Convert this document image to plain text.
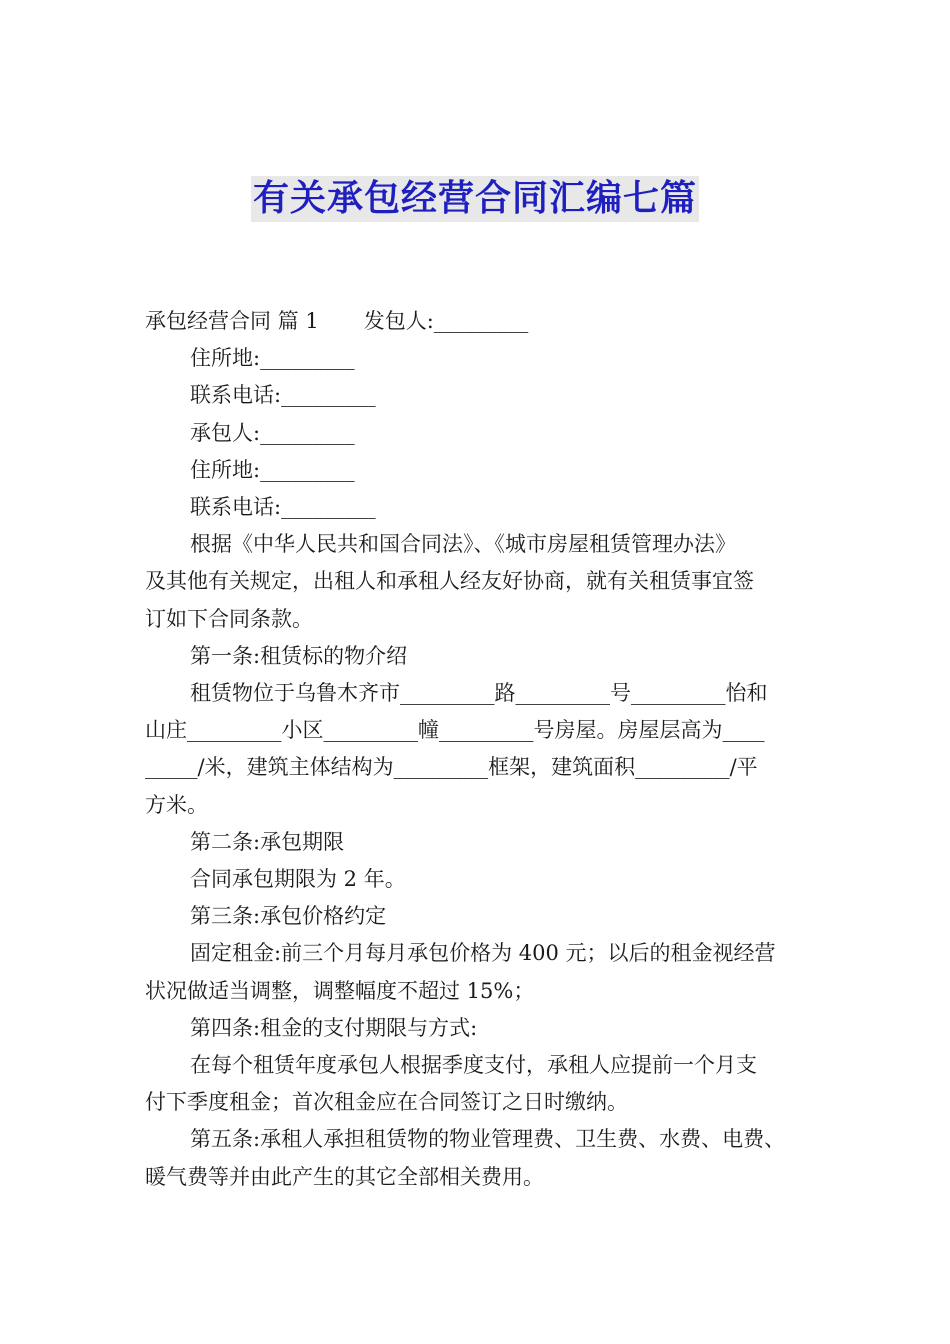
有关承包经营合同汇编七篇

承包经营合同 篇 1 发包人:_________

住所地:_________

联系电话:_________

承包人:_________

住所地:_________

联系电话:_________

根据《中华人民共和国合同法》、《城市房屋租赁管理办法》

及其他有关规定，出租人和承租人经友好协商，就有关租赁事宜签

订如下合同条款。

第一条:租赁标的物介绍

租赁物位于乌鲁木齐市_________路_________号_________怡和

山庄_________小区_________幢_________号房屋。房屋层高为____

_____/米，建筑主体结构为_________框架，建筑面积_________/平

方米。

第二条:承包期限

合同承包期限为 2 年。

第三条:承包价格约定

固定租金:前三个月每月承包价格为 400 元；以后的租金视经营

状况做适当调整，调整幅度不超过 15%；

第四条:租金的支付期限与方式:

在每个租赁年度承包人根据季度支付，承租人应提前一个月支

付下季度租金；首次租金应在合同签订之日时缴纳。

第五条:承租人承担租赁物的物业管理费、卫生费、水费、电费、

暖气费等并由此产生的其它全部相关费用。
